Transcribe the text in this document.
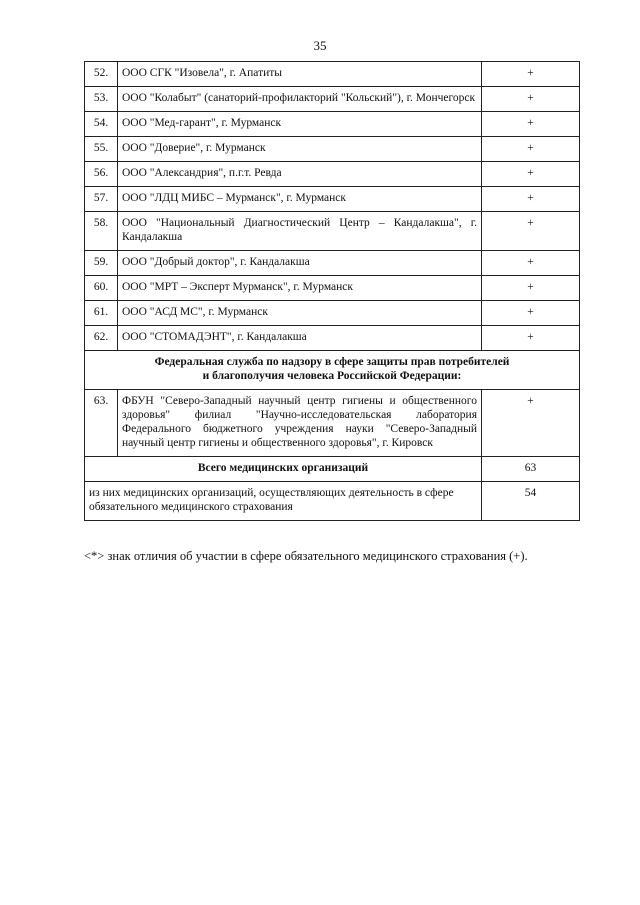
35
52.	ООО СГК "Изовела", г. Апатиты	+
53.	ООО "Колабыт" (санаторий-профилакторий "Кольский"), г. Мончегорск	+
54.	ООО "Мед-гарант", г. Мурманск	+
55.	ООО "Доверие", г. Мурманск	+
56.	ООО "Александрия", п.г.т. Ревда	+
57.	ООО "ЛДЦ МИБС – Мурманск", г. Мурманск	+
58.	ООО "Национальный Диагностический Центр – Кандалакша", г. Кандалакша	+
59.	ООО "Добрый доктор", г. Кандалакша	+
60.	ООО "МРТ – Эксперт Мурманск", г. Мурманск	+
61.	ООО "АСД МС", г. Мурманск	+
62.	ООО "СТОМАДЭНТ", г. Кандалакша	+
Федеральная служба по надзору в сфере защиты прав потребителей
и благополучия человека Российской Федерации:		
63.	ФБУН "Северо-Западный научный центр гигиены и общественного здоровья" филиал "Научно-исследовательская лаборатория Федерального бюджетного учреждения науки "Северо-Западный научный центр гигиены и общественного здоровья", г. Кировск	+
Всего медицинских организаций		63
из них медицинских организаций, осуществляющих деятельность в сфере обязательного медицинского страхования		54
<*> знак отличия об участии в сфере обязательного медицинского страхования (+).
